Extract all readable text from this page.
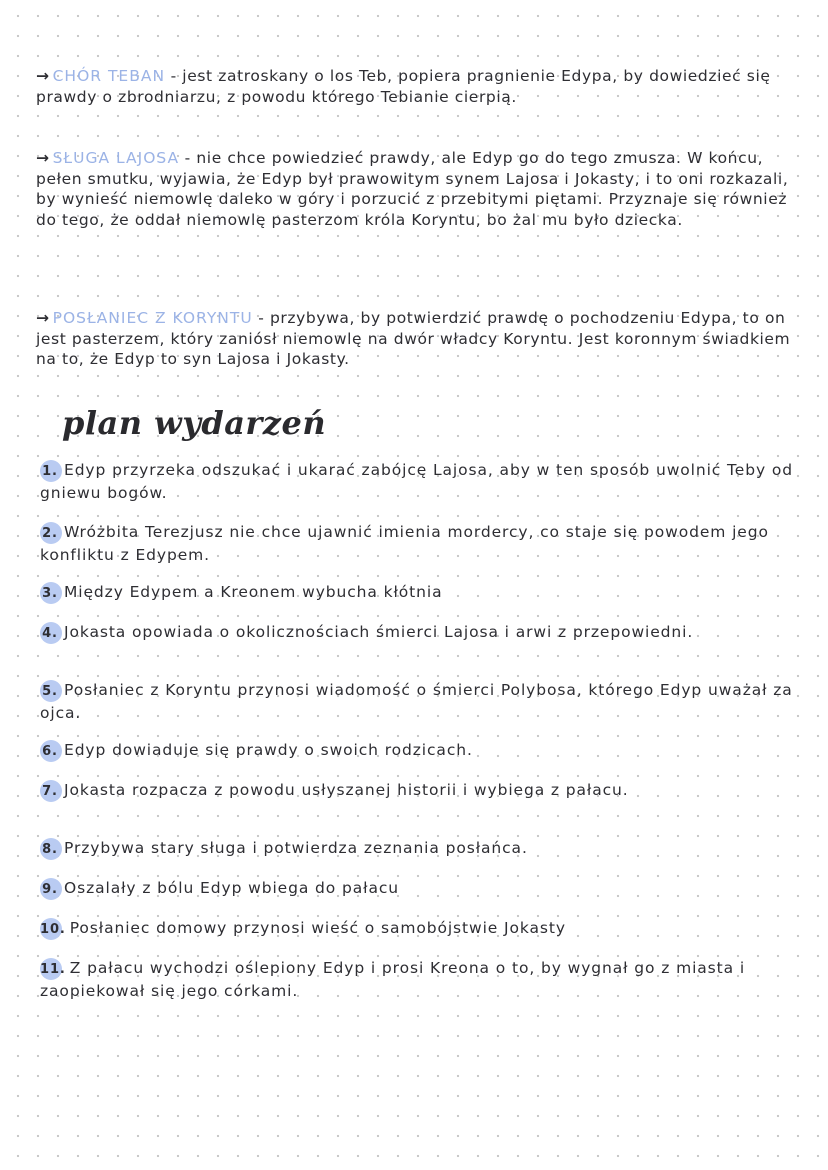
→ CHÓR TEBAN - jest zatroskany o los Teb, popiera pragnienie Edypa, by dowiedzieć się prawdy o zbrodniarzu, z powodu którego Tebianie cierpią.

→ SŁUGA LAJOSA - nie chce powiedzieć prawdy, ale Edyp go do tego zmusza. W końcu, pełen smutku, wyjawia, że Edyp był prawowitym synem Lajosa i Jokasty, i to oni rozkazali, by wynieść niemowlę daleko w góry i porzucić z przebitymi piętami. Przyznaje się również do tego, że oddał niemowlę pasterzom króla Koryntu, bo żal mu było dziecka.

→ POSŁANIEC Z KORYNTU - przybywa, by potwierdzić prawdę o pochodzeniu Edypa, to on jest pasterzem, który zaniósł niemowlę na dwór władcy Koryntu. Jest koronnym świadkiem na to, że Edyp to syn Lajosa i Jokasty.

plan wydarzeń
1. Edyp przyrzeka odszukać i ukarać zabójcę Lajosa, aby w ten sposób uwolnić Teby od gniewu bogów.
2. Wróżbita Terezjusz nie chce ujawnić imienia mordercy, co staje się powodem jego konfliktu z Edypem.
3. Między Edypem a Kreonem wybucha kłótnia
4. Jokasta opowiada o okolicznościach śmierci Lajosa i arwi z przepowiedni.
5. Posłaniec z Koryntu przynosi wiadomość o śmierci Polybosa, którego Edyp uważał za ojca.
6. Edyp dowiaduje się prawdy o swoich rodzicach.
7. Jokasta rozpacza z powodu usłyszanej historii i wybiega z pałacu.
8. Przybywa stary sługa i potwierdza zeznania posłańca.
9. Oszalały z bólu Edyp wbiega do pałacu
10. Posłaniec domowy przynosi wieść o samobójstwie Jokasty
11. Z pałacu wychodzi oślepiony Edyp i prosi Kreona o to, by wygnał go z miasta i zaopiekował się jego córkami.
